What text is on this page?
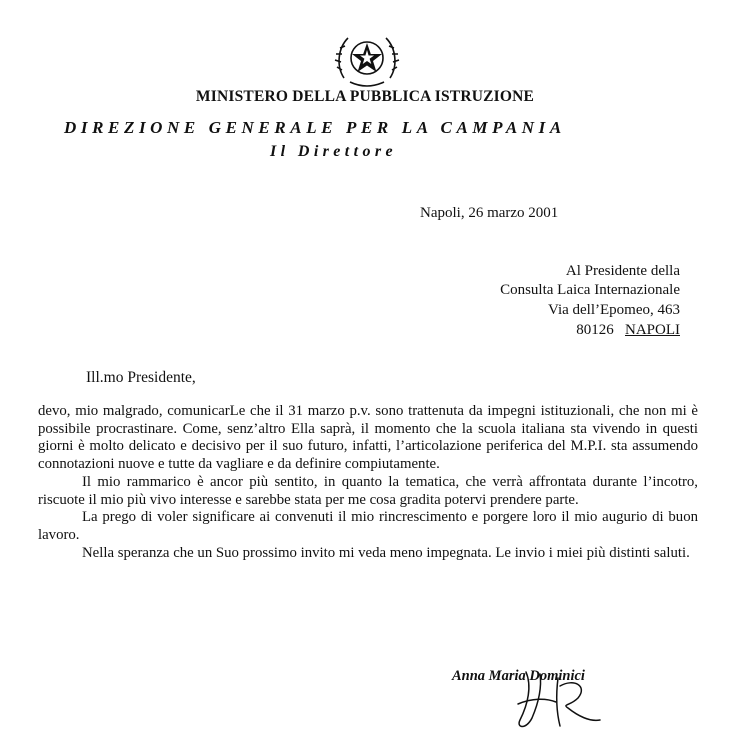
MINISTERO DELLA PUBBLICA ISTRUZIONE
DIREZIONE GENERALE PER LA CAMPANIA
Il Direttore
Napoli, 26 marzo 2001
Al Presidente della
Consulta Laica Internazionale
Via dell’Epomeo, 463
80126 NAPOLI
Ill.mo Presidente,

devo, mio malgrado, comunicarLe che il 31 marzo p.v. sono trattenuta da impegni istituzionali, che non mi è possibile procrastinare. Come, senz’altro Ella saprà, il momento che la scuola italiana sta vivendo in questi giorni è molto delicato e decisivo per il suo futuro, infatti, l’articolazione periferica del M.P.I. sta assumendo connotazioni nuove e tutte da vagliare e da definire compiutamente.

Il mio rammarico è ancor più sentito, in quanto la tematica, che verrà affrontata durante l’incotro, riscuote il mio più vivo interesse e sarebbe stata per me cosa gradita potervi prendere parte.

La prego di voler significare ai convenuti il mio rincrescimento e porgere loro il mio augurio di buon lavoro.

Nella speranza che un Suo prossimo invito mi veda meno impegnata. Le invio i miei più distinti saluti.

Anna Maria Dominici
